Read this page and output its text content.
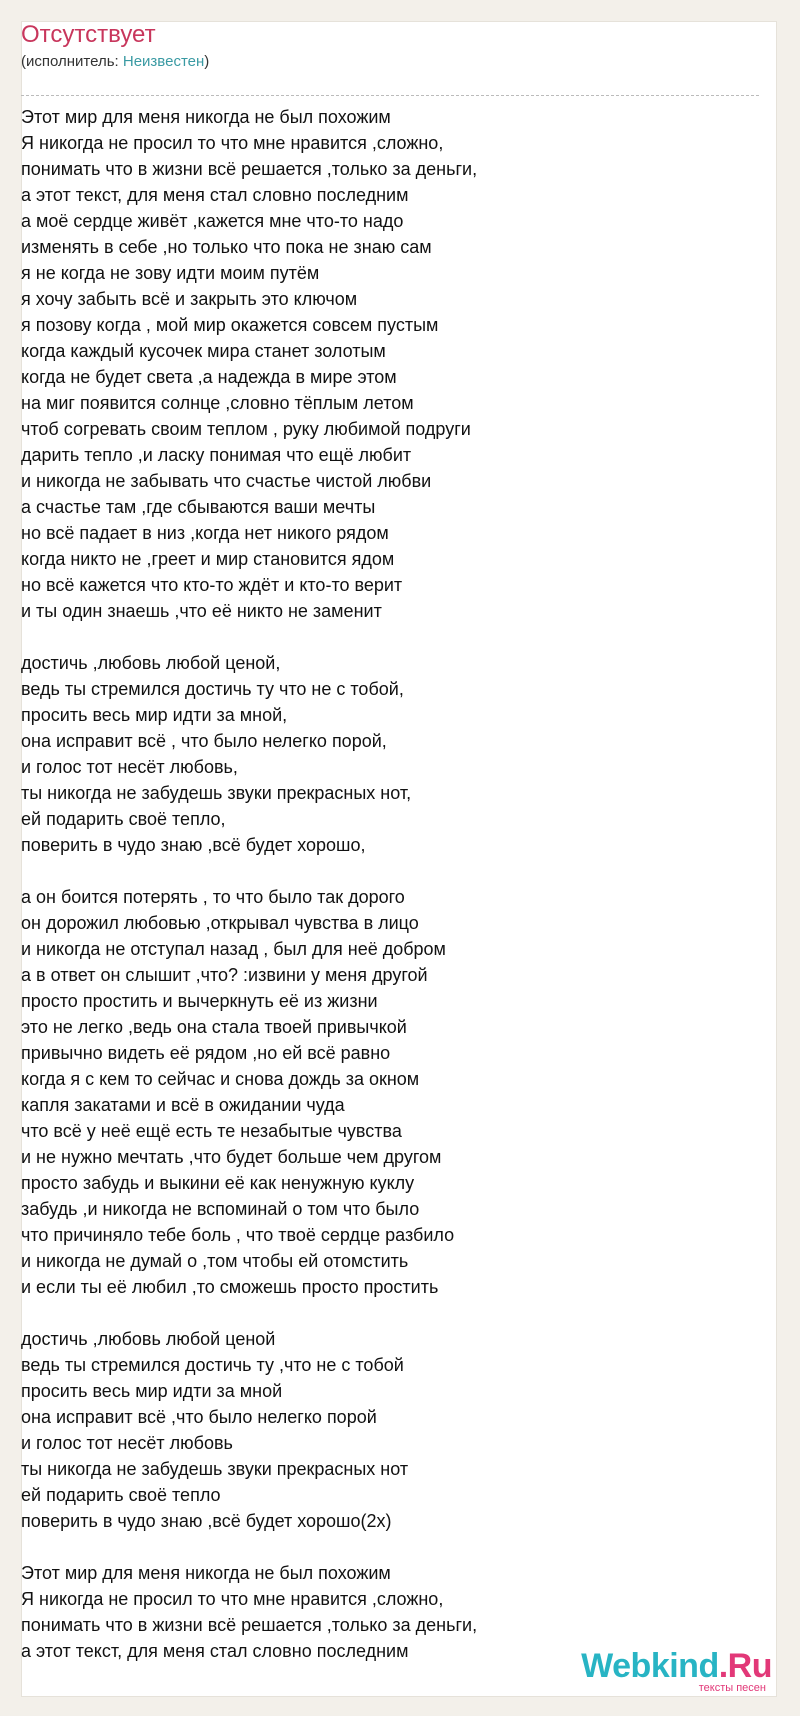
Отсутствует
(исполнитель: Неизвестен)
Этот мир для меня никогда не был похожим
Я никогда не просил то что мне нравится ,сложно,
понимать что в жизни всё решается ,только за деньги,
а этот текст, для меня стал словно последним
а моё сердце живёт ,кажется мне что-то надо
изменять в себе ,но только что пока не знаю сам
я не когда не зову идти моим путём
я хочу забыть всё и закрыть это ключом
я позову когда , мой мир окажется совсем пустым
когда каждый кусочек мира станет золотым
когда не будет света ,а надежда в мире этом
на миг появится солнце ,словно тёплым летом
чтоб согревать своим теплом , руку любимой подруги
дарить тепло ,и ласку понимая что ещё любит
и никогда не забывать что счастье чистой любви
а счастье там ,где сбываются ваши мечты
но всё падает в низ ,когда нет никого рядом
когда никто не ,греет и мир становится ядом
но всё кажется что кто-то ждёт и кто-то верит
и ты один знаешь ,что её никто не заменит
достичь ,любовь любой ценой,
ведь ты стремился достичь ту что не с тобой,
просить весь мир идти за мной,
она исправит всё , что было нелегко порой,
и голос тот несёт любовь,
ты никогда не забудешь звуки прекрасных нот,
ей подарить своё тепло,
поверить в чудо знаю ,всё будет хорошо,
а он боится потерять , то что было так дорого
он дорожил любовью ,открывал чувства в лицо
и никогда не отступал назад , был для неё добром
а в ответ он слышит ,что? :извини у меня другой
просто простить и вычеркнуть её из жизни
это не легко ,ведь она стала твоей привычкой
привычно видеть её рядом ,но ей всё равно
когда я с кем то сейчас и снова дождь за окном
капля закатами и всё в ожидании чуда
что всё у неё ещё есть те незабытые чувства
и не нужно мечтать ,что будет больше чем другом
просто забудь и выкини её как ненужную куклу
забудь ,и никогда не вспоминай о том что было
что причиняло тебе боль , что твоё сердце разбило
и никогда не думай о ,том чтобы ей отомстить
и если ты её любил ,то сможешь просто простить
достичь ,любовь любой ценой
ведь ты стремился достичь ту ,что не с тобой
просить весь мир идти за мной
она исправит всё ,что было нелегко порой
и голос тот несёт любовь
ты никогда не забудешь звуки прекрасных нот
ей подарить своё тепло
поверить в чудо знаю ,всё будет хорошо(2x)
Этот мир для меня никогда не был похожим
Я никогда не просил то что мне нравится ,сложно,
понимать что в жизни всё решается ,только за деньги,
а этот текст, для меня стал словно последним	Webkind.Ru
тексты песен
